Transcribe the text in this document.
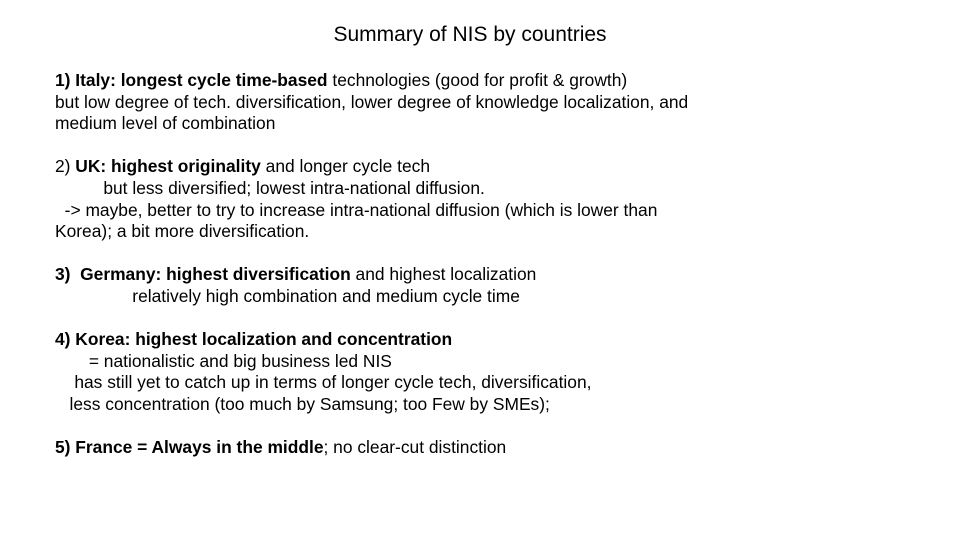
Summary of NIS by countries
1) Italy: longest cycle time-based technologies (good for profit & growth)
but low degree of tech. diversification, lower degree of knowledge localization, and
medium level of combination
2) UK: highest originality and longer cycle tech
but less diversified; lowest intra-national diffusion.
-> maybe, better to try to increase intra-national diffusion (which is lower than
Korea); a bit more diversification.
3)  Germany: highest diversification and highest localization
relatively high combination and medium cycle time
4) Korea: highest localization and concentration
= nationalistic and big business led NIS
has still yet to catch up in terms of longer cycle tech, diversification,
less concentration (too much by Samsung; too Few by SMEs);
5) France = Always in the middle; no clear-cut distinction
